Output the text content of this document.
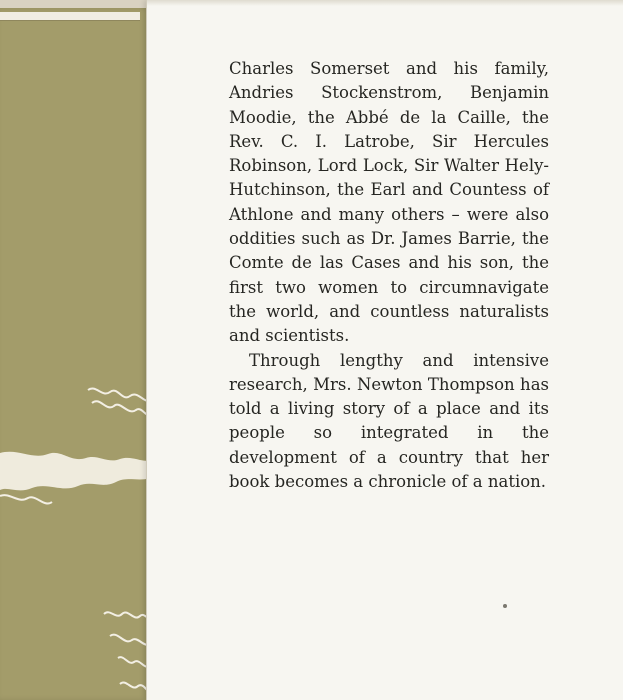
Charles Somerset and his family, Andries Stockenstrom, Benjamin Moodie, the Abbé de la Caille, the Rev. C. I. Latrobe, Sir Hercules Robinson, Lord Lock, Sir Walter Hely-Hutchinson, the Earl and Countess of Athlone and many others – were also oddities such as Dr. James Barrie, the Comte de las Cases and his son, the first two women to circumnavigate the world, and countless naturalists and scientists.

Through lengthy and intensive research, Mrs. Newton Thompson has told a living story of a place and its people so integrated in the development of a country that her book becomes a chronicle of a nation.
